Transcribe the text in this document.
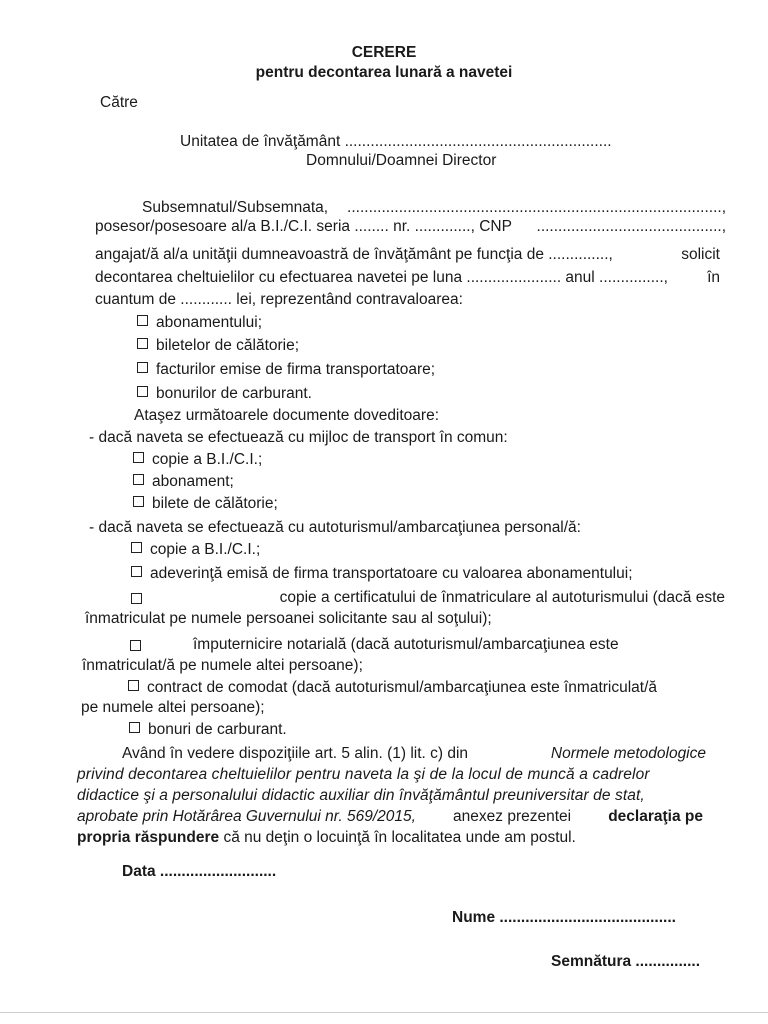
CERERE
pentru decontarea lunară a navetei
Către
Unitatea de învăţământ ..............................................................
Domnului/Doamnei Director
Subsemnatul/Subsemnata, .......................................................................................,
posesor/posesoare al/a B.I./C.I. seria ........ nr. ............., CNP ...........................................,
angajat/ă al/a unităţii dumneavoastră de învăţământ pe funcţia de ..............,	solicit
decontarea cheltuielilor cu efectuarea navetei pe luna ...................... anul ...............,	în
cuantum de ............ lei, reprezentând contravaloarea:
abonamentului;
biletelor de călătorie;
facturilor emise de firma transportatoare;
bonurilor de carburant.
Ataşez următoarele documente doveditoare:
- dacă naveta se efectuează cu mijloc de transport în comun:
copie a B.I./C.I.;
abonament;
bilete de călătorie;
- dacă naveta se efectuează cu autoturismul/ambarcaţiunea personal/ă:
copie a B.I./C.I.;
adeverinţă emisă de firma transportatoare cu valoarea abonamentului;
copie a certificatului de înmatriculare al autoturismului (dacă este
înmatriculat pe numele persoanei solicitante sau al soţului);
împuternicire notarială (dacă autoturismul/ambarcaţiunea este
înmatriculat/ă pe numele altei persoane);
contract de comodat (dacă autoturismul/ambarcaţiunea este înmatriculat/ă
pe numele altei persoane);
bonuri de carburant.
Având în vedere dispoziţiile art. 5 alin. (1) lit. c) din	Normele metodologice
privind decontarea cheltuielilor pentru naveta la şi de la locul de muncă a cadrelor
didactice şi a personalului didactic auxiliar din învăţământul preuniversitar de stat,
aprobate prin Hotărârea Guvernului nr. 569/2015, anexez prezentei declaraţia pe
propria răspundere că nu deţin o locuinţă în localitatea unde am postul.
Data ...........................
Nume .........................................
Semnătura ...............
